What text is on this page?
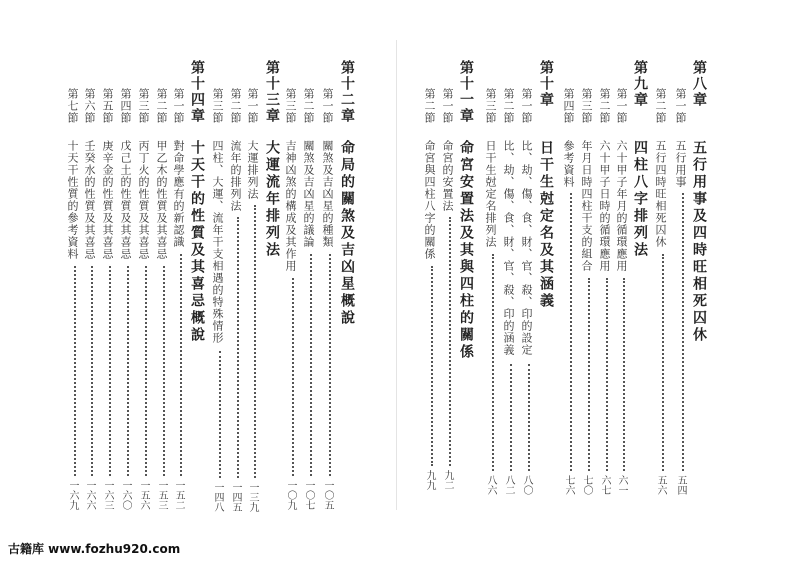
第十二章
命局的關煞及吉凶星概說
第一節
關煞及吉凶星的種類
一〇五
第二節
關煞及吉凶星的議論
一〇七
第三節
吉神凶煞的構成及其作用
一〇九
第十三章
大運流年排列法
第一節
大運排列法
一三九
第二節
流年的排列法
一四五
第三節
四柱、大運、流年干支相遇的特殊情形
一四八
第十四章
十天干的性質及其喜忌概說
第一節
對命學應有的新認識
一五二
第二節
甲乙木的性質及其喜忌
一五三
第三節
丙丁火的性質及其喜忌
一五六
第四節
戊己土的性質及其喜忌
一六〇
第五節
庚辛金的性質及其喜忌
一六三
第六節
壬癸水的性質及其喜忌
一六六
第七節
十天干性質的參考資料
一六九
第八章
五行用事及四時旺相死囚休
第一節
五行用事
五四
第二節
五行四時旺相死囚休
五六
第九章
四柱八字排列法
第一節
六十甲子年月的循環應用
六一
第二節
六十甲子日時的循環應用
六七
第三節
年月日時四柱干支的組合
七〇
第四節
參考資料
七六
第十章
日干生尅定名及其涵義
第一節
比、劫、傷、食、財、官、殺、印的設定
八〇
第二節
比、劫、傷、食、財、官、殺、印的涵義
八二
第三節
日干生尅定名排列法
八六
第十一章
命宮安置法及其與四柱的關係
第一節
命宮的安置法
九二
第二節
命宮與四柱八字的關係
九九
古籍库 www.fozhu920.com
